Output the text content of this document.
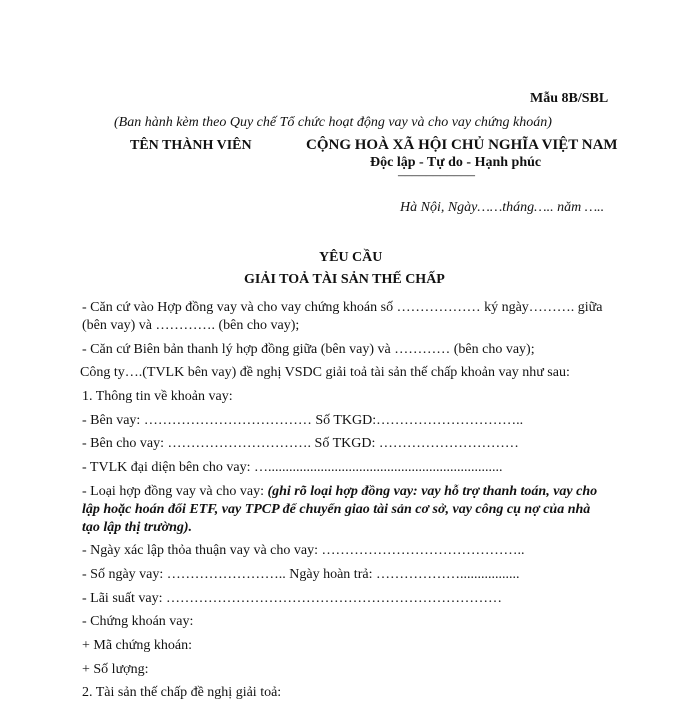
Mẫu 8B/SBL
(Ban hành kèm theo Quy chế Tổ chức hoạt động vay và cho vay chứng khoán)
TÊN THÀNH VIÊN	CỘNG HOÀ XÃ HỘI CHỦ NGHĨA VIỆT NAM
Độc lập - Tự do - Hạnh phúc
–––––––––––
Hà Nội, Ngày……tháng….. năm …..
YÊU CẦU
GIẢI TOẢ TÀI SẢN THẾ CHẤP
- Căn cứ vào Hợp đồng vay và cho vay chứng khoán số ……………… ký ngày………. giữa
(bên vay) và …………. (bên cho vay);
- Căn cứ Biên bản thanh lý hợp đồng giữa (bên vay) và ………… (bên cho vay);
Công ty….(TVLK bên vay) đề nghị VSDC giải toả tài sản thế chấp khoản vay như sau:
1. Thông tin về khoản vay:
- Bên vay: ……………………………… Số TKGD:…………………………..
- Bên cho vay: …………………………. Số TKGD: …………………………
- TVLK đại diện bên cho vay: …...................................................................
- Loại hợp đồng vay và cho vay: (ghi rõ loại hợp đồng vay: vay hỗ trợ thanh toán, vay cho lập hoặc hoán đổi ETF, vay TPCP để chuyển giao tài sản cơ sở, vay công cụ nợ của nhà tạo lập thị trường).
- Ngày xác lập thỏa thuận vay và cho vay: ……………………………………..
- Số ngày vay: …………………….. Ngày hoàn trả: ……………….................
- Lãi suất vay: ………………………………………………………………
- Chứng khoán vay:
+ Mã chứng khoán:
+ Số lượng:
2. Tài sản thế chấp đề nghị giải toả:
